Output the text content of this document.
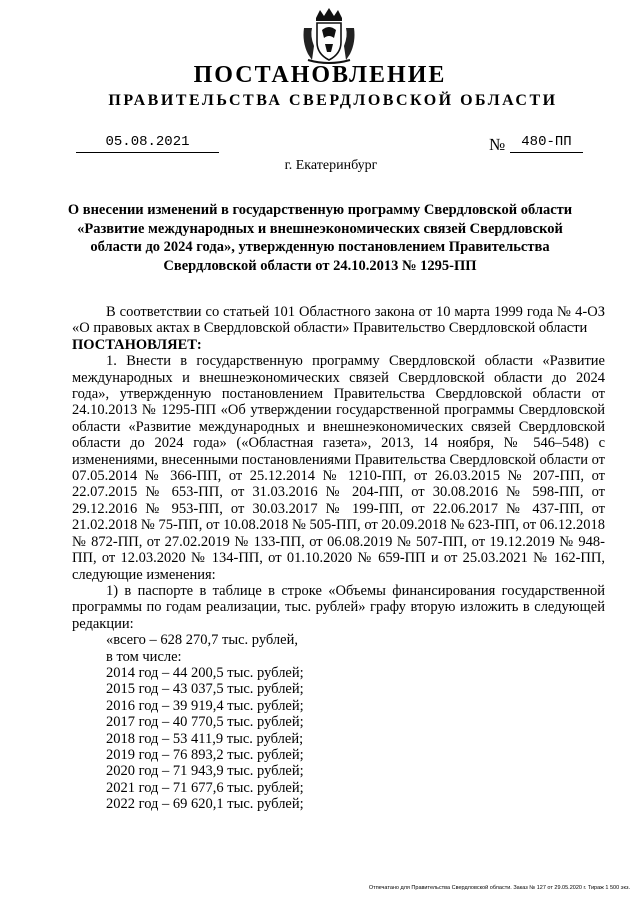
ПОСТАНОВЛЕНИЕ
ПРАВИТЕЛЬСТВА СВЕРДЛОВСКОЙ ОБЛАСТИ
05.08.2021	№	480-ПП
г. Екатеринбург
О внесении изменений в государственную программу Свердловской области «Развитие международных и внешнеэкономических связей Свердловской области до 2024 года», утвержденную постановлением Правительства Свердловской области от 24.10.2013 № 1295-ПП

В соответствии со статьей 101 Областного закона от 10 марта 1999 года № 4-ОЗ «О правовых актах в Свердловской области» Правительство Свердловской области

ПОСТАНОВЛЯЕТ:

1. Внести в государственную программу Свердловской области «Развитие международных и внешнеэкономических связей Свердловской области до 2024 года», утвержденную постановлением Правительства Свердловской области от 24.10.2013 № 1295-ПП «Об утверждении государственной программы Свердловской области «Развитие международных и внешнеэкономических связей Свердловской области до 2024 года» («Областная газета», 2013, 14 ноября, № 546–548) с изменениями, внесенными постановлениями Правительства Свердловской области от 07.05.2014 № 366-ПП, от 25.12.2014 № 1210-ПП, от 26.03.2015 № 207-ПП, от 22.07.2015 № 653-ПП, от 31.03.2016 № 204-ПП, от 30.08.2016 № 598-ПП, от 29.12.2016 № 953-ПП, от 30.03.2017 № 199-ПП, от 22.06.2017 № 437-ПП, от 21.02.2018 № 75-ПП, от 10.08.2018 № 505-ПП, от 20.09.2018 № 623-ПП, от 06.12.2018 № 872-ПП, от 27.02.2019 № 133-ПП, от 06.08.2019 № 507-ПП, от 19.12.2019 № 948-ПП, от 12.03.2020 № 134-ПП, от 01.10.2020 № 659-ПП и от 25.03.2021 № 162-ПП, следующие изменения:

1) в паспорте в таблице в строке «Объемы финансирования государственной программы по годам реализации, тыс. рублей» графу вторую изложить в следующей редакции:

«всего – 628 270,7 тыс. рублей,

в том числе:

2014 год – 44 200,5 тыс. рублей;

2015 год – 43 037,5 тыс. рублей;

2016 год – 39 919,4 тыс. рублей;

2017 год – 40 770,5 тыс. рублей;

2018 год – 53 411,9 тыс. рублей;

2019 год – 76 893,2 тыс. рублей;

2020 год – 71 943,9 тыс. рублей;

2021 год – 71 677,6 тыс. рублей;

2022 год – 69 620,1 тыс. рублей;

Отпечатано для Правительства Свердловской области. Заказ № 127 от 29.05.2020 г. Тираж 1 500 экз.
